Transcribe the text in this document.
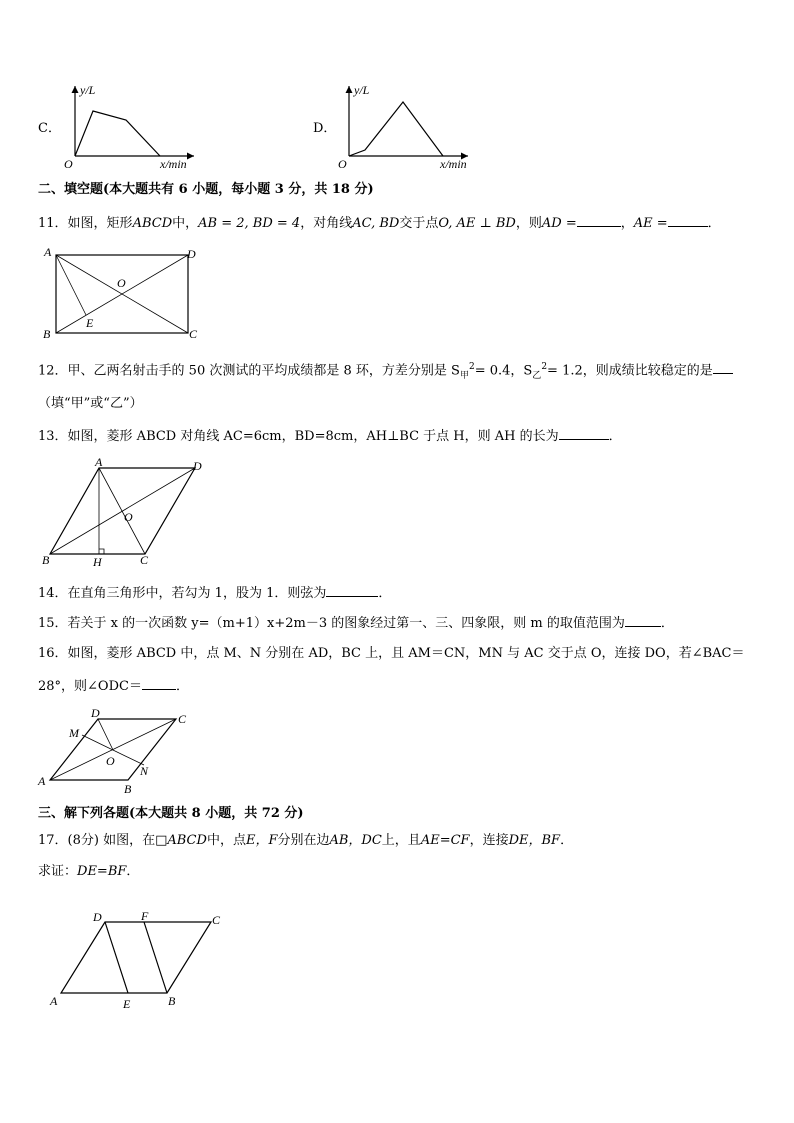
C．
y/L
x/min
O
D．
y/L
x/min
O
二、填空题(本大题共有 6 小题，每小题 3 分，共 18 分)
11．如图，矩形ABCD中，AB = 2, BD = 4，对角线AC, BD交于点O, AE ⊥ BD，则AD =	，AE =	．
A	D
B	C
O
E
12．甲、乙两名射击手的 50 次测试的平均成绩都是 8 环，方差分别是 $S_甲^2= 0.4$，$S_乙^2= 1.2$，则成绩比较稳定的是
（填“甲”或“乙”）
13．如图，菱形 ABCD 对角线 AC=6cm，BD=8cm，AH⊥BC 于点 H，则 AH 的长为	．
A	D
B	C
O
H
14．在直角三角形中，若勾为 1，股为 1．则弦为	．
15．若关于 x 的一次函数 y=（m+1）x+2m－3 的图象经过第一、三、四象限，则 m 的取值范围为	．
16．如图，菱形 ABCD 中，点 M、N 分别在 AD，BC 上，且 AM＝CN，MN 与 AC 交于点 O，连接 DO，若∠BAC＝
28°，则∠ODC＝	．
D	C
M
O
N
A
B
三、解下列各题(本大题共 8 小题，共 72 分)
17．(8分) 如图，在□ABCD中，点E，F分别在边AB，DC上，且AE=CF，连接DE，BF．
求证：DE=BF．
D	F	C
A	E	B
